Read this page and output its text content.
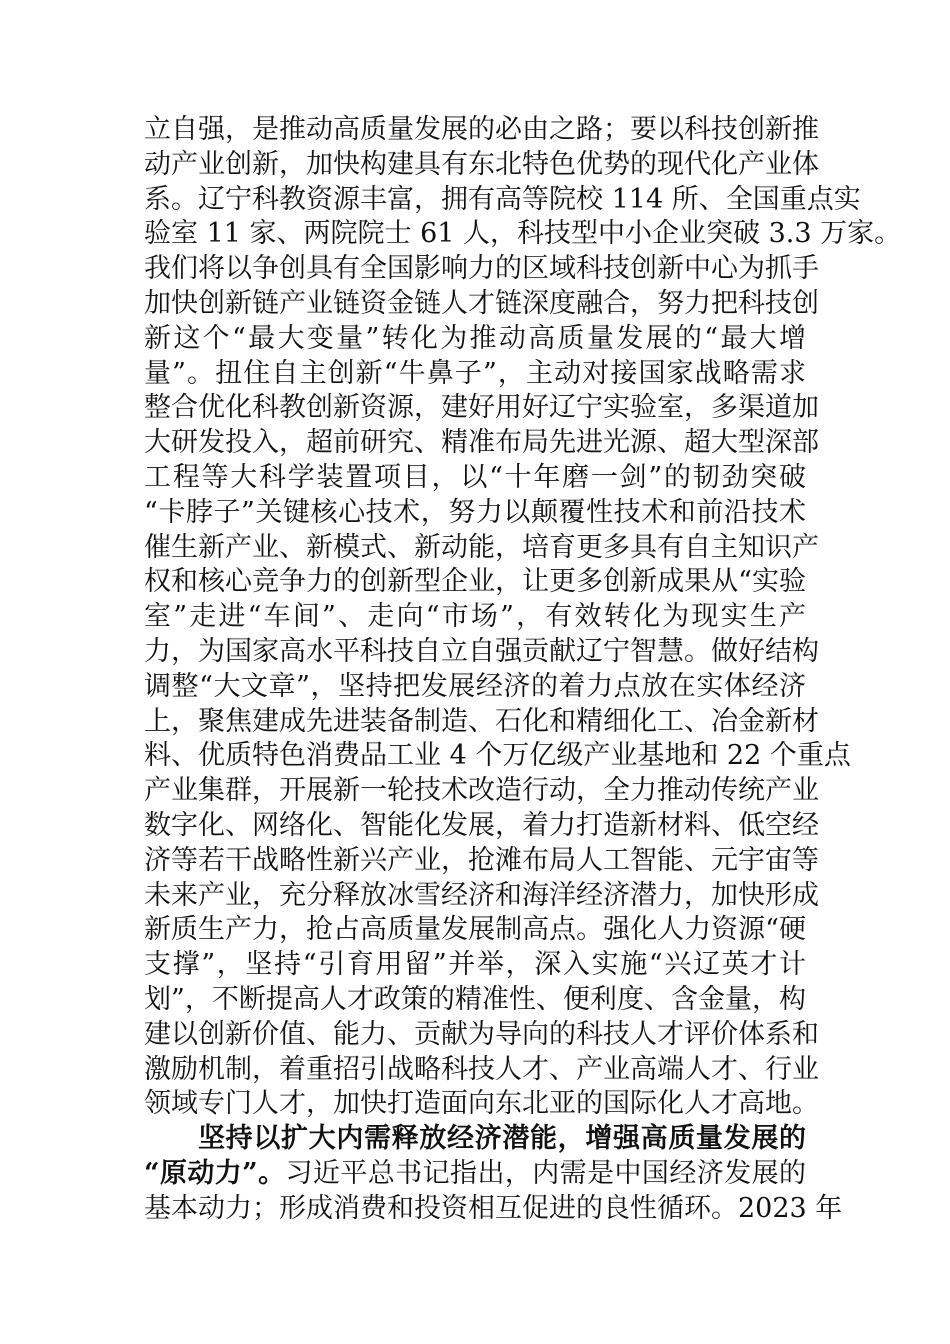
立自强，是推动高质量发展的必由之路；要以科技创新推
动产业创新，加快构建具有东北特色优势的现代化产业体
系。辽宁科教资源丰富，拥有高等院校 114 所、全国重点实
验室 11 家、两院院士 61 人，科技型中小企业突破 3.3 万家。
我们将以争创具有全国影响力的区域科技创新中心为抓手
加快创新链产业链资金链人才链深度融合，努力把科技创
新这个“最大变量”转化为推动高质量发展的“最大增
量”。扭住自主创新“牛鼻子”，主动对接国家战略需求
整合优化科教创新资源，建好用好辽宁实验室，多渠道加
大研发投入，超前研究、精准布局先进光源、超大型深部
工程等大科学装置项目，以“十年磨一剑”的韧劲突破
“卡脖子”关键核心技术，努力以颠覆性技术和前沿技术
催生新产业、新模式、新动能，培育更多具有自主知识产
权和核心竞争力的创新型企业，让更多创新成果从“实验
室”走进“车间”、走向“市场”，有效转化为现实生产
力，为国家高水平科技自立自强贡献辽宁智慧。做好结构
调整“大文章”，坚持把发展经济的着力点放在实体经济
上，聚焦建成先进装备制造、石化和精细化工、冶金新材
料、优质特色消费品工业 4 个万亿级产业基地和 22 个重点
产业集群，开展新一轮技术改造行动，全力推动传统产业
数字化、网络化、智能化发展，着力打造新材料、低空经
济等若干战略性新兴产业，抢滩布局人工智能、元宇宙等
未来产业，充分释放冰雪经济和海洋经济潜力，加快形成
新质生产力，抢占高质量发展制高点。强化人力资源“硬
支撑”，坚持“引育用留”并举，深入实施“兴辽英才计
划”，不断提高人才政策的精准性、便利度、含金量，构
建以创新价值、能力、贡献为导向的科技人才评价体系和
激励机制，着重招引战略科技人才、产业高端人才、行业
领域专门人才，加快打造面向东北亚的国际化人才高地。
坚持以扩大内需释放经济潜能，增强高质量发展的
“原动力”。习近平总书记指出，内需是中国经济发展的
基本动力；形成消费和投资相互促进的良性循环。2023 年
